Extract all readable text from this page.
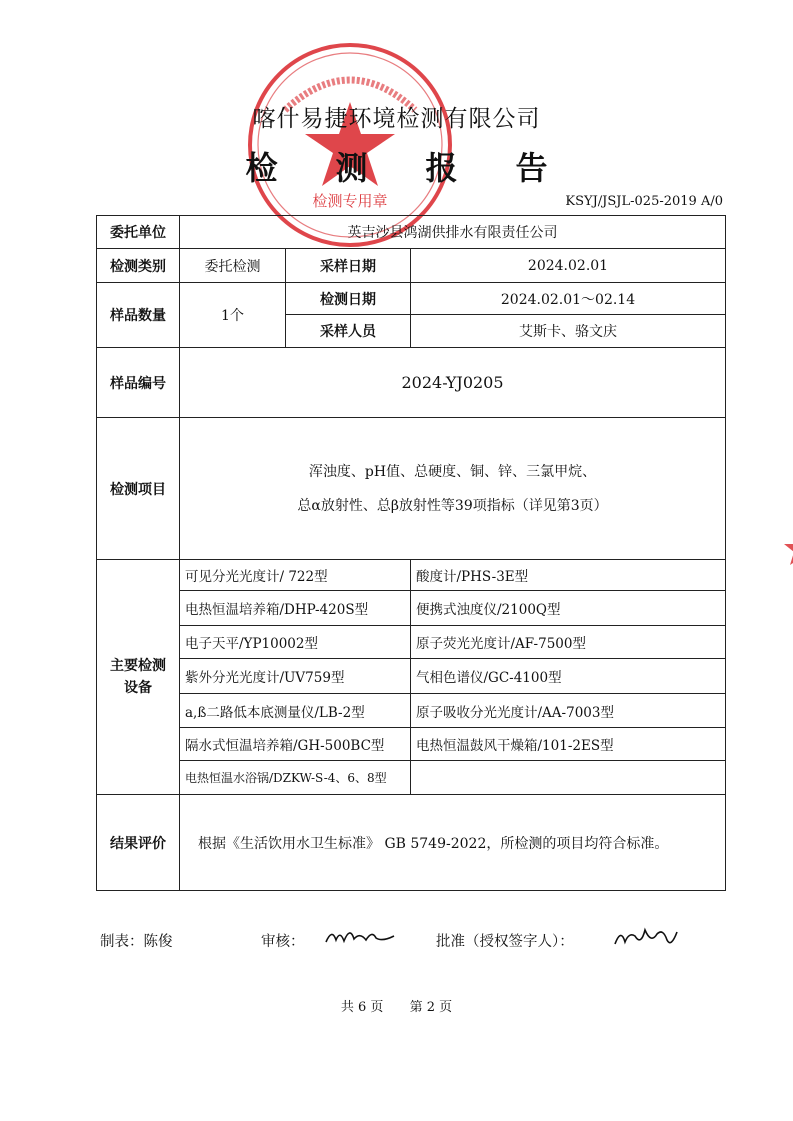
检测专用章
喀什易捷环境检测有限公司
检测报告
KSYJ/JSJL-025-2019 A/0
委托单位	英吉沙县鸿湖供排水有限责任公司		
检测类别	委托检测	采样日期	2024.02.01
样品数量	1个	检测日期	2024.02.01～02.14
		采样人员	艾斯卡、骆文庆
样品编号	2024-YJ0205		
检测项目	浑浊度、pH值、总硬度、铜、锌、三氯甲烷、
总α放射性、总β放射性等39项指标（详见第3页）		

主要检测
设备	可见分光光度计/ 722型		酸度计/PHS-3E型
	电热恒温培养箱/DHP-420S型		便携式浊度仪/2100Q型
	电子天平/YP10002型		原子荧光光度计/AF-7500型
	紫外分光光度计/UV759型		气相色谱仪/GC-4100型
	a,ß二路低本底测量仪/LB-2型		原子吸收分光光度计/AA-7003型
	隔水式恒温培养箱/GH-500BC型		电热恒温鼓风干燥箱/101-2ES型
	电热恒温水浴锅/DZKW-S-4、6、8型		
结果评价	根据《生活饮用水卫生标准》 GB 5749-2022，所检测的项目均符合标准。		
制表：陈俊	审核：	批准（授权签字人）：
共 6 页 第 2 页
